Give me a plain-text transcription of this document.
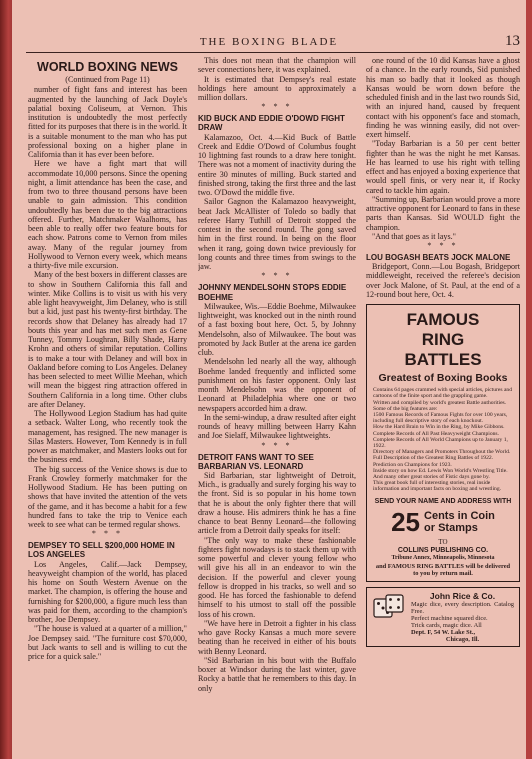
THE BOXING BLADE	13
WORLD BOXING NEWS
(Continued from Page 11)

number of fight fans and interest has been augmented by the launching of Jack Doyle's palatial boxing Coliseum, at Vernon. This institution is undoubtedly the most perfectly fitted for its purposes that there is in the world. It is a suitable monument to the man who has put professional boxing on a higher plane in California than it has ever been before.

Here we have a fight mart that will accommodate 10,000 persons. Since the opening night, a limit attendance has been the case, and from two to three thousand persons have been unable to gain admission. This condition undoubtedly has been due to the big attractions offered. Further, Matchmaker Waalhoms, has been able to really offer two feature bouts for each show. Patrons come to Vernon from miles away. Many of the regular journey from Hollywood to Vernon every week, which means a thirty-five mile excursion.

Many of the best boxers in different classes are to show in Southern California this fall and winter. Mike Collins is to visit us with his very able light heavyweight, Jim Delaney, who is still but a kid, just past his twenty-first birthday. The records show that Delaney has already had 17 bouts this year and has met such men as Gene Tunney, Tommy Loughran, Billy Shade, Harry Krohn and others of similar reputation. Collins is to make a tour with Delaney and will box in Oakland before coming to Los Angeles. Delaney has been selected to meet Willie Meehan, which will mean the biggest ring attraction offered in Southern California in a long time. Other clubs are after Delaney.

The Hollywood Legion Stadium has had quite a setback. Walter Long, who recently took the management, has resigned. The new manager is Silas Masters. However, Tom Kennedy is in full power as matchmaker, and Masters looks out for the business end.

The big success of the Venice shows is due to Frank Crowley formerly matchmaker for the Hollywood Stadium. He has been putting on shows that have invited the attention of the vets of the game, and it has become a habit for a few hundred fans to take the trip to Venice each week to see what can be termed regular shows.

* * *
DEMPSEY TO SELL $200,000 HOME IN LOS ANGELES

Los Angeles, Calif.—Jack Dempsey, heavyweight champion of the world, has placed his home on South Western Avenue on the market. The champion, is offering the house and furnishing for $200,000, a figure much less than was paid for them, according to the champion's brother, Joe Dempsey.

"The house is valued at a quarter of a million," Joe Dempsey said. "The furniture cost $70,000, but Jack wants to sell and is willing to cut the price for a quick sale."

This does not mean that the champion will sever connections here, it was explained.

It is estimated that Dempsey's real estate holdings here amount to approximately a million dollars.

* * *
KID BUCK AND EDDIE O'DOWD FIGHT DRAW

Kalamazoo, Oct. 4.—Kid Buck of Battle Creek and Eddie O'Dowd of Columbus fought 10 lightning fast rounds to a draw here tonight. There was not a moment of inactivity during the entire 30 minutes of milling. Buck started and finished strong, taking the first three and the last two. O'Dowd the middle five.

Sailor Gagnon the Kalamazoo heavyweight, beat Jack McAllister of Toledo so badly that referee Harry Tuthill of Detroit stopped the contest in the second round. The gong saved him in the first round. In being on the floor when it rang, going down twice previously for long counts and three times from swings to the jaw.

* * *
JOHNNY MENDELSOHN STOPS EDDIE BOEHME

Milwaukee, Wis.—Eddie Boehme, Milwaukee lightweight, was knocked out in the ninth round of a fast boxing bout here, Oct. 5, by Johnny Mendelsohn, also of Milwaukee. The bout was promoted by Jack Butler at the arena ice garden club.

Mendelsohn led nearly all the way, although Boehme landed frequently and inflicted some punishment on his faster opponent. Only last month Mendelsohn was the opponent of Leonard at Philadelphia where one or two newspapers accorded him a draw.

In the semi-windup, a draw resulted after eight rounds of heavy milling between Harry Kahn and Joe Sielaff, Milwaukee lightweights.

* * *
DETROIT FANS WANT TO SEE BARBARIAN VS. LEONARD

Sid Barbarian, star lightweight of Detroit, Mich., is gradually and surely forging his way to the front. Sid is so popular in his home town that he is about the only fighter there that will draw a house. His admirers think he has a fine chance to beat Benny Leonard—the following article from a Detroit daily speaks for itself:

"The only way to make these fashionable fighters fight nowadays is to stack them up with some powerful and clever young fellow who will give his all in an endeavor to win the decision. If the powerful and clever young fellow is dropped in his tracks, so well and so good. He has forced the fashionable to defend himself to his utmost to stall off the possible loss of his crown.

"We have here in Detroit a fighter in his class who gave Rocky Kansas a much more severe beating than he received in either of his bouts with Benny Leonard.

"Sid Barbarian in his bout with the Buffalo boxer at Windsor during the last winter, gave Rocky a battle that he remembers to this day. In only

one round of the 10 did Kansas have a ghost of a chance. In the early rounds, Sid punished his man so badly that it looked as though Kansas would be worn down before the scheduled finish and in the last two rounds Sid, with an injured hand, caused by frequent contact with his opponent's face and stomach, finding he was winning easily, did not over-exert himself.

"Today Barbarian is a 50 per cent better fighter than he was the night he met Kansas. He has learned to use his right with telling effect and has enjoyed a boxing experience that would spell finis, or very near it, if Rocky cared to tackle him again.

"Summing up, Barbarian would prove a more attractive opponent for Leonard to fans in these parts than Kansas. Sid WOULD fight the champion.

"And that goes as it lays."

* * *
LOU BOGASH BEATS JOCK MALONE

Bridgeport, Conn.—Lou Bogash, Bridgeport middleweight, received the referee's decision over Jock Malone, of St. Paul, at the end of a 12-round bout here, Oct. 4.

FAMOUS
RING
BATTLES
Greatest of Boxing Books
Contains 64 pages crammed with special articles, pictures and cartoons of the finite sport and the grappling game.
Written and compiled by world's greatest Battle authorities.
Some of the big features are:
1500 Famous Records of Famous Fights for over 100 years, including full descriptive story of each knockout.
How the Hard Brain to Win in the Ring, by Mike Gibbons.
Complete Records of All Past Heavyweight Champions.
Complete Records of All World Champions up to January 1, 1922.
Directory of Managers and Promoters Throughout the World.
Full Description of the Greatest Ring Battles of 1922.
Prediction on Champions for 1923.
Inside story on how Ed. Lewis Won World's Wrestling Title.
And many other great stories of Fistic days gone by.
This great book full of interesting stories, real inside information and important facts on boxing and wrestling.
SEND YOUR NAME AND ADDRESS WITH
25 Cents in Coin
or Stamps
TO
COLLINS PUBLISHING CO.
Tribune Annex, Minneapolis, Minnesota
and FAMOUS RING BATTLES will be delivered to you by return mail.
John Rice & Co.
Magic dice, every description. Catalog Free.
Perfect machine squared dice.
Trick cards, magic dice. All
Dept. F, 54 W. Lake St.,
Chicago, Ill.
